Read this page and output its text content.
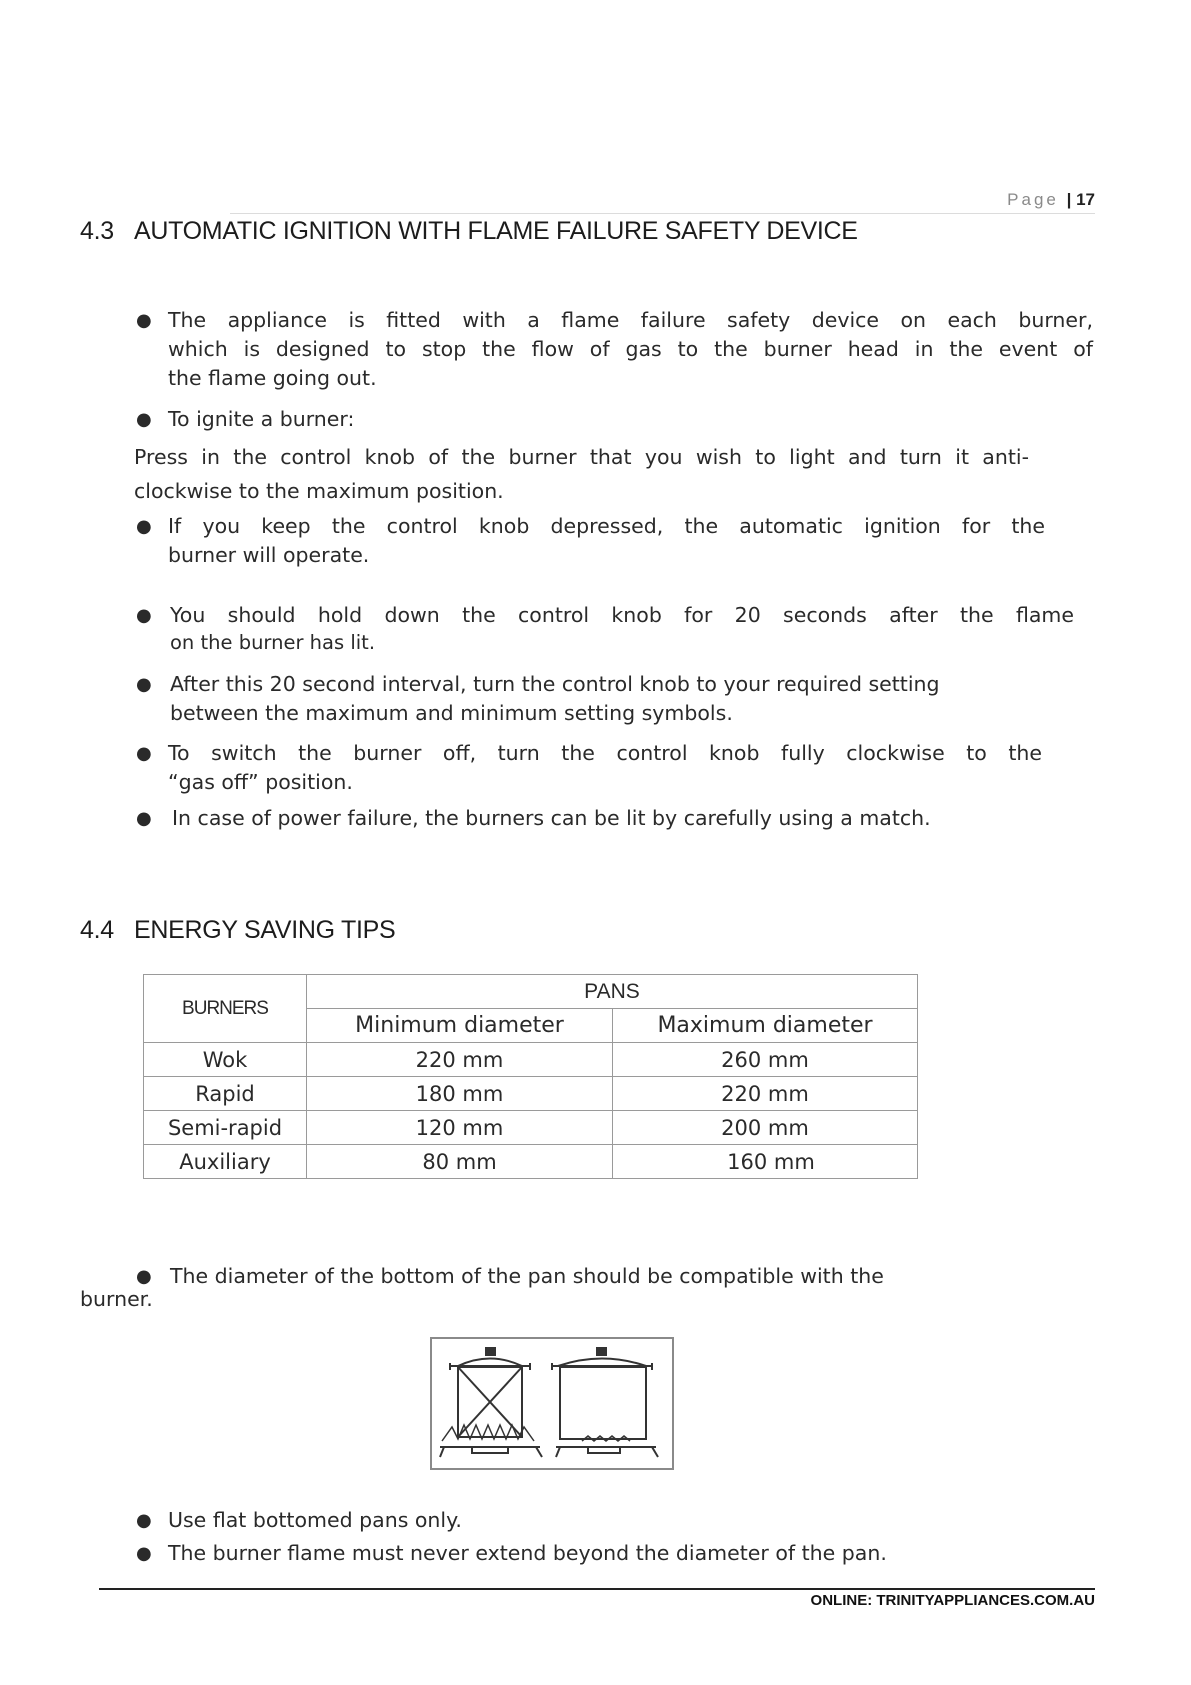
Page | 17
4.3 AUTOMATIC IGNITION WITH FLAME FAILURE SAFETY DEVICE
● The appliance is fitted with a flame failure safety device on each burner,
which is designed to stop the flow of gas to the burner head in the event of
the flame going out.
● To ignite a burner:
Press in the control knob of the burner that you wish to light and turn it anti-
clockwise to the maximum position.
● If you keep the control knob depressed, the automatic ignition for the
burner will operate.
● You should hold down the control knob for 20 seconds after the flame
on the burner has lit.
● After this 20 second interval, turn the control knob to your required setting
between the maximum and minimum setting symbols.
● To switch the burner off, turn the control knob fully clockwise to the
“gas off” position.
● In case of power failure, the burners can be lit by carefully using a match.
4.4 ENERGY SAVING TIPS
BURNERS	PANS	
	Minimum diameter	Maximum diameter
Wok	220 mm	260 mm
Rapid	180 mm	220 mm
Semi-rapid	120 mm	200 mm
Auxiliary	80 mm	160 mm
● The diameter of the bottom of the pan should be compatible with the
burner.
● Use flat bottomed pans only.
● The burner flame must never extend beyond the diameter of the pan.
ONLINE: TRINITYAPPLIANCES.COM.AU
